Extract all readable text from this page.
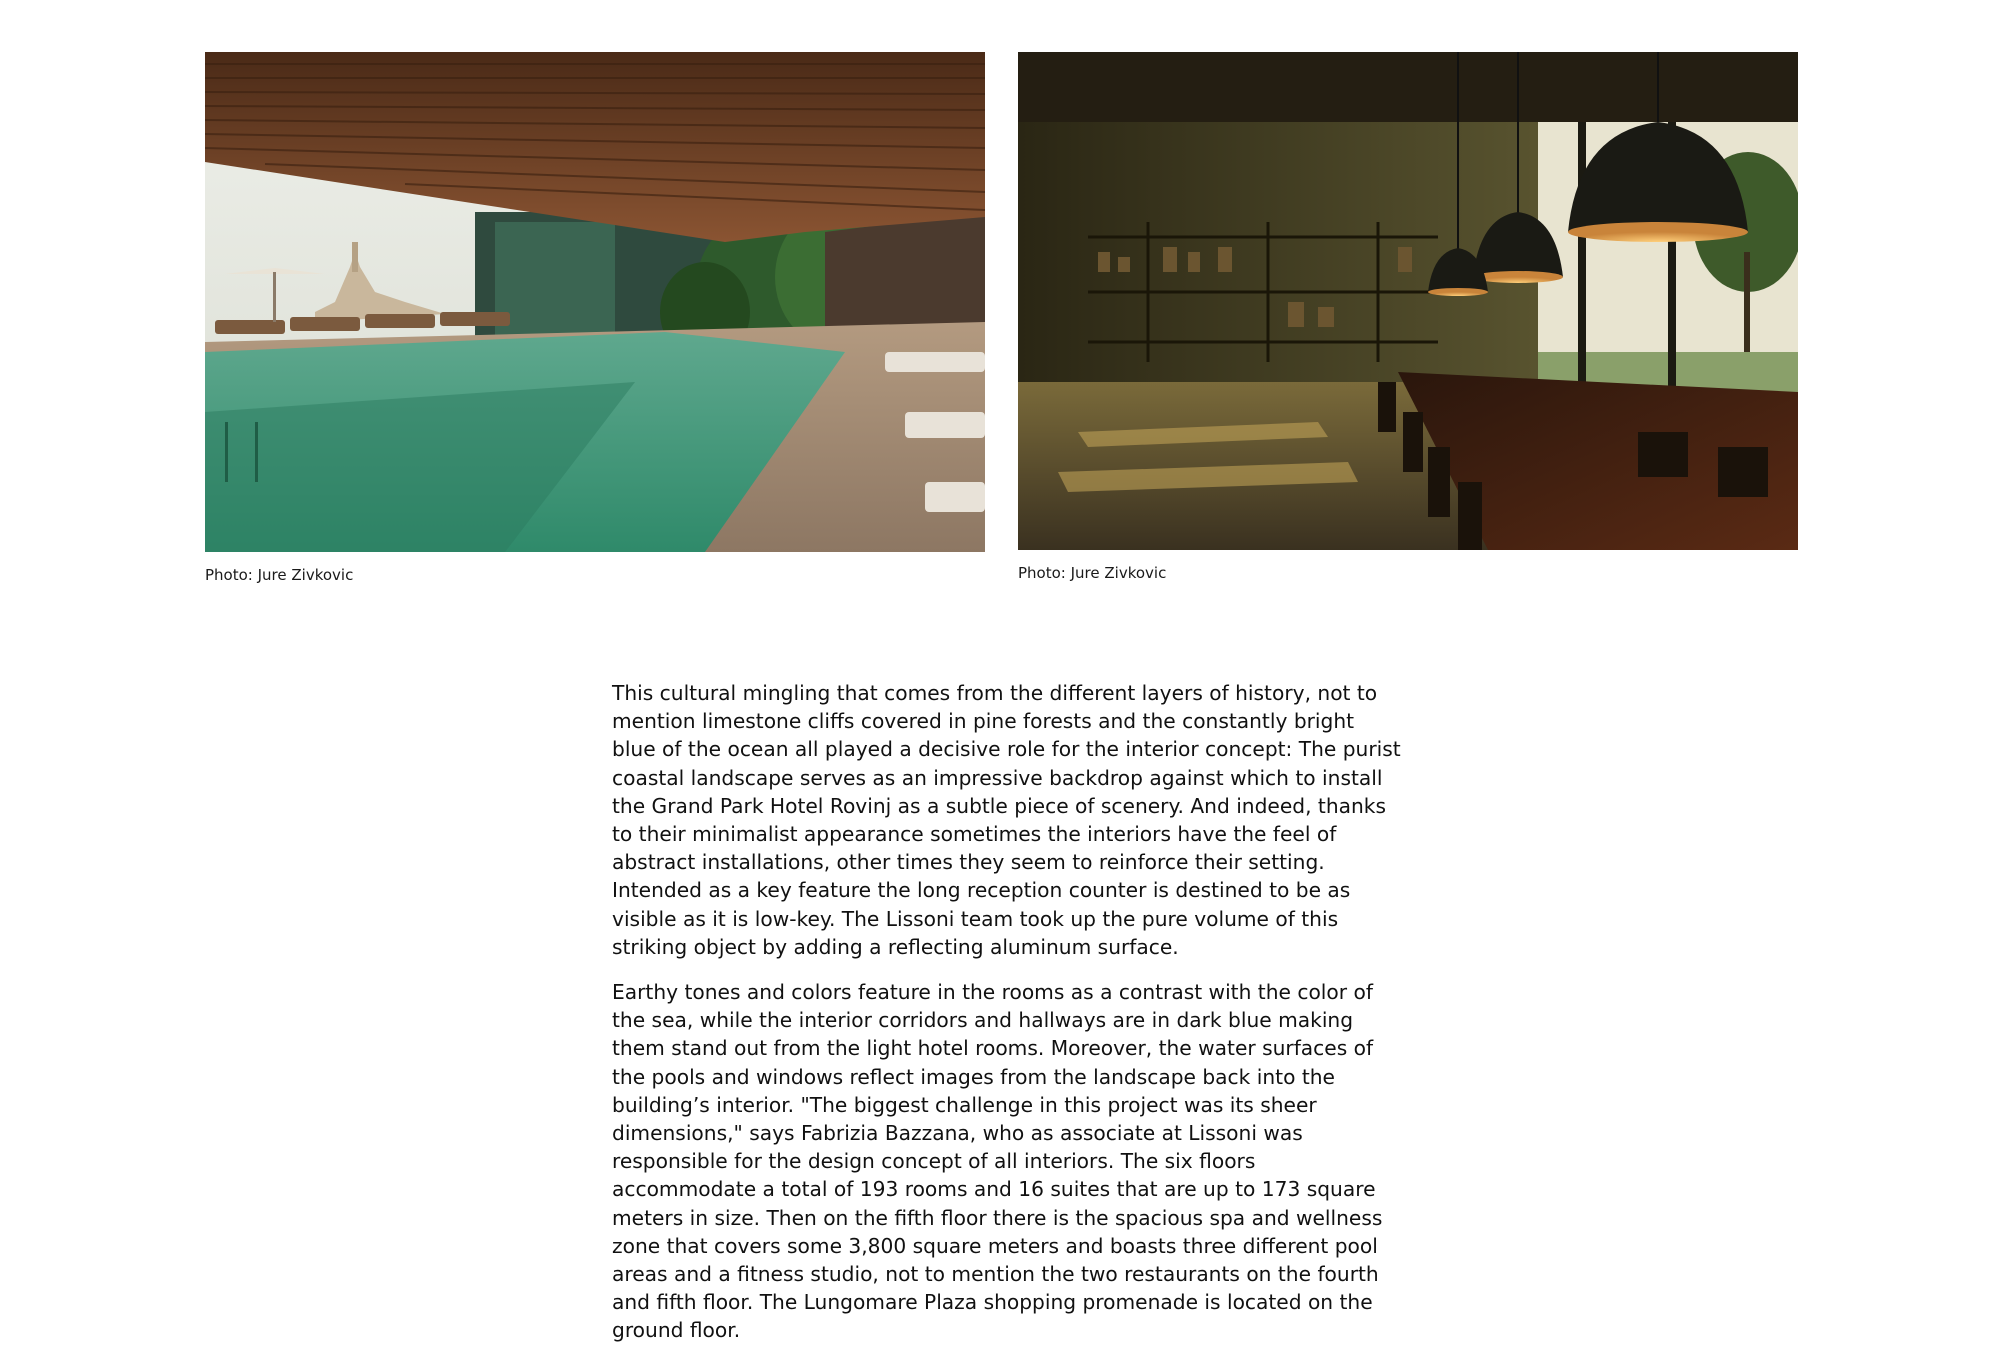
Photo: Jure Zivkovic	Photo: Jure Zivkovic

This cultural mingling that comes from the different layers of history, not to mention limestone cliffs covered in pine forests and the constantly bright blue of the ocean all played a decisive role for the interior concept: The purist coastal landscape serves as an impressive backdrop against which to install the Grand Park Hotel Rovinj as a subtle piece of scenery. And indeed, thanks to their minimalist appearance sometimes the interiors have the feel of abstract installations, other times they seem to reinforce their setting. Intended as a key feature the long reception counter is destined to be as visible as it is low-key. The Lissoni team took up the pure volume of this striking object by adding a reflecting aluminum surface.

Earthy tones and colors feature in the rooms as a contrast with the color of the sea, while the interior corridors and hallways are in dark blue making them stand out from the light hotel rooms. Moreover, the water surfaces of the pools and windows reflect images from the landscape back into the building’s interior. "The biggest challenge in this project was its sheer dimensions," says Fabrizia Bazzana, who as associate at Lissoni was responsible for the design concept of all interiors. The six floors accommodate a total of 193 rooms and 16 suites that are up to 173 square meters in size. Then on the fifth floor there is the spacious spa and wellness zone that covers some 3,800 square meters and boasts three different pool areas and a fitness studio, not to mention the two restaurants on the fourth and fifth floor. The Lungomare Plaza shopping promenade is located on the ground floor.
